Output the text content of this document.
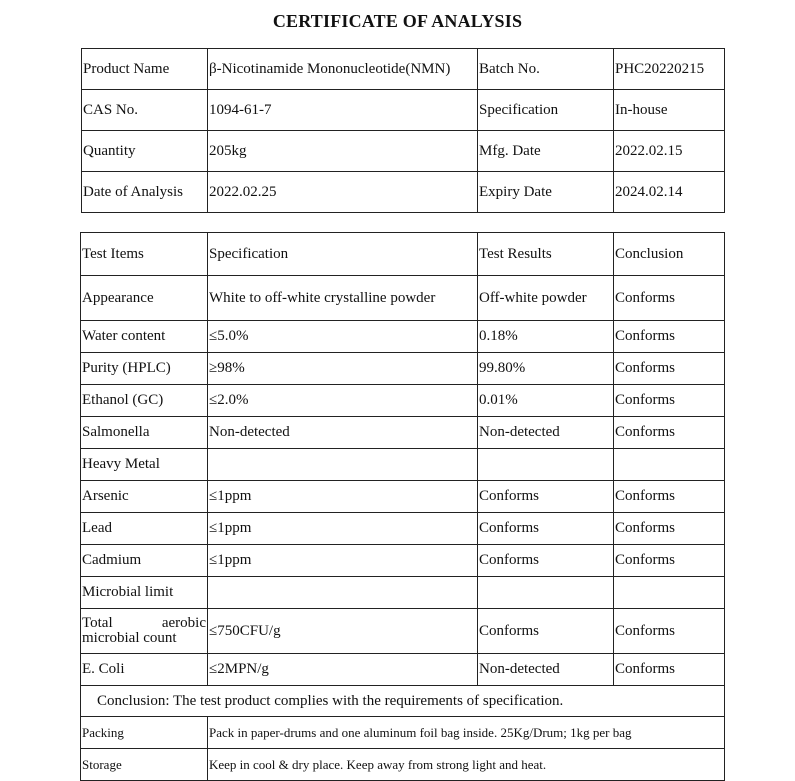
CERTIFICATE OF ANALYSIS
Product Name	β-Nicotinamide Mononucleotide(NMN)	Batch No.	PHC20220215
CAS No.	1094-61-7	Specification	In-house
Quantity	205kg	Mfg. Date	2022.02.15
Date of Analysis	2022.02.25	Expiry Date	2024.02.14
Test Items	Specification	Test Results	Conclusion
Appearance	White to off-white crystalline powder	Off-white powder	Conforms
Water content	≤5.0%	0.18%	Conforms
Purity (HPLC)	≥98%	99.80%	Conforms
Ethanol (GC)	≤2.0%	0.01%	Conforms
Salmonella	Non-detected	Non-detected	Conforms
Heavy Metal			
Arsenic	≤1ppm	Conforms	Conforms
Lead	≤1ppm	Conforms	Conforms
Cadmium	≤1ppm	Conforms	Conforms
Microbial limit			

Total aerobic
microbial count	≤750CFU/g	Conforms	Conforms
E. Coli	≤2MPN/g	Non-detected	Conforms
Conclusion: The test product complies with the requirements of specification.			
Packing	Pack in paper-drums and one aluminum foil bag inside. 25Kg/Drum; 1kg per bag		
Storage	Keep in cool & dry place. Keep away from strong light and heat.		
